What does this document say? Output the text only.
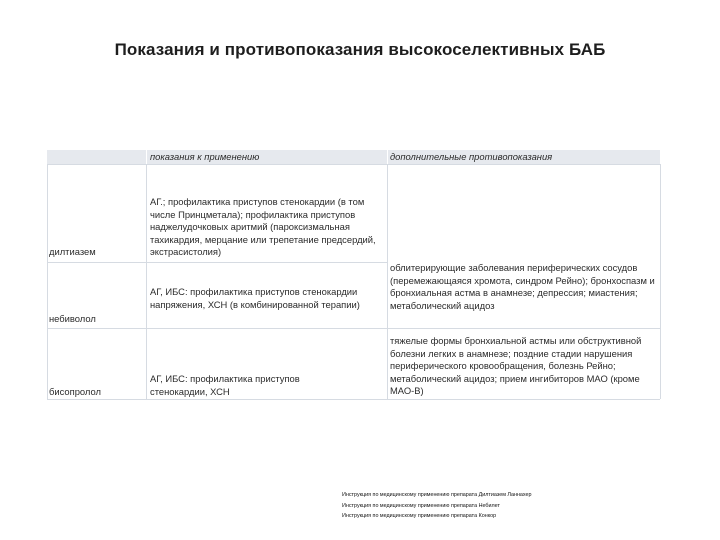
Показания и противопоказания высокоселективных БАБ
показания к применению	дополнительные противопоказания
дилтиазем
АГ.; профилактика приступов стенокардии (в том числе Принцметала); профилактика приступов наджелудочковых аритмий (пароксизмальная тахикардия, мерцание или трепетание предсердий, экстрасистолия)
небиволол
АГ, ИБС: профилактика приступов стенокардии напряжения, ХСН (в комбинированной терапии)
облитерирующие заболевания периферических сосудов (перемежающаяся хромота, синдром Рейно); бронхоспазм и бронхиальная астма в анамнезе; депрессия; миастения; метаболический ацидоз
бисопролол
АГ, ИБС: профилактика приступов стенокардии, ХСН
тяжелые формы бронхиальной астмы или обструктивной болезни легких в анамнезе; поздние стадии нарушения периферического кровообращения, болезнь Рейно; метаболический ацидоз; прием ингибиторов МАО (кроме МАО-B)
Инструкция по медицинскому применению препарата Дилтиазем Ланнахер
Инструкция по медицинскому применению препарата Небилет
Инструкция по медицинскому применению препарата Конкор
